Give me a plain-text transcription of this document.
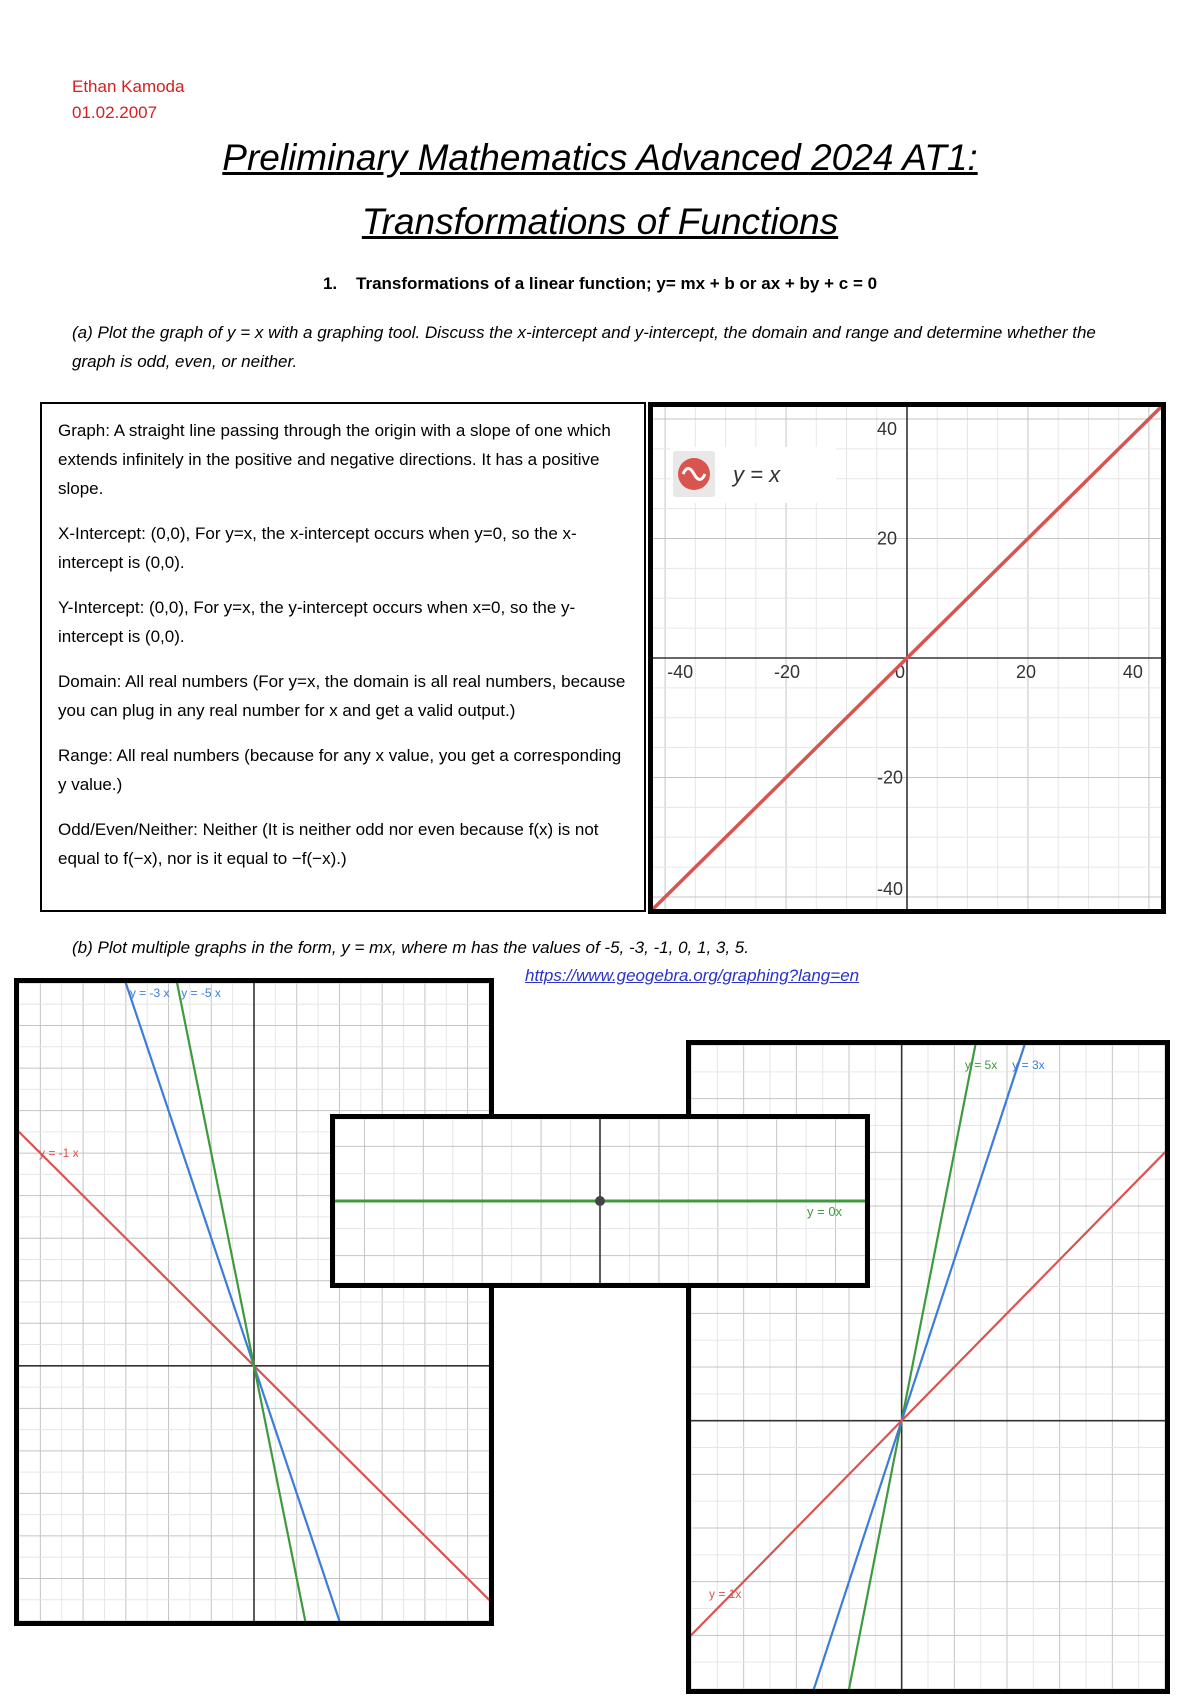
Ethan Kamoda
01.02.2007
Preliminary Mathematics Advanced 2024 AT1:
Transformations of Functions
1.    Transformations of a linear function; y= mx + b or ax + by + c = 0
(a) Plot the graph of y = x with a graphing tool. Discuss the x-intercept and y-intercept, the domain and range and determine whether the graph is odd, even, or neither.

Graph: A straight line passing through the origin with a slope of one which extends infinitely in the positive and negative directions. It has a positive slope.

X-Intercept: (0,0), For y=x, the x-intercept occurs when y=0, so the x-intercept is (0,0).

Y-Intercept: (0,0), For y=x, the y-intercept occurs when x=0, so the y-intercept is (0,0).

Domain: All real numbers (For y=x, the domain is all real numbers, because you can plug in any real number for x and get a valid output.)

Range: All real numbers (because for any x value, you get a corresponding y value.)

Odd/Even/Neither: Neither (It is neither odd nor even because f(x) is not equal to f(−x), nor is it equal to −f(−x).)

-40	-20	0	20	40
40
20
-20
-40
y = x
(b) Plot multiple graphs in the form, y = mx, where m has the values of -5, -3, -1, 0, 1, 3, 5.
https://www.geogebra.org/graphing?lang=en
y = -1 x
y = -3 x y = -5 x
y = 5x y = 3x
y = 1x
y = 0x
